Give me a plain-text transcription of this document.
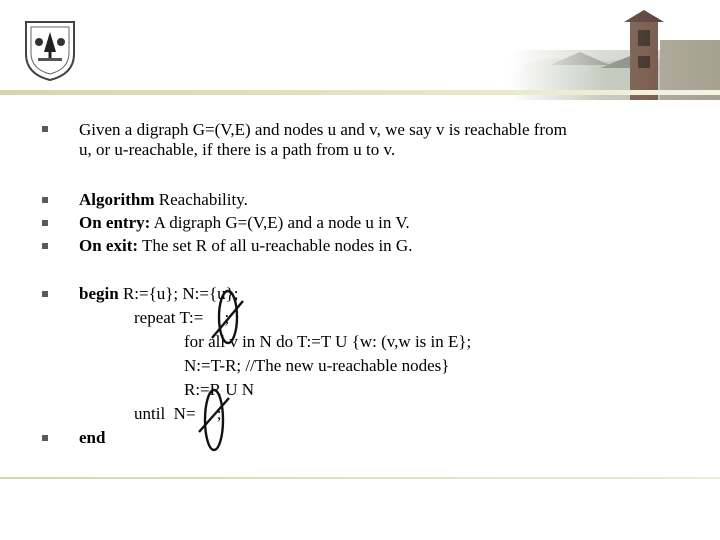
Given a digraph G=(V,E) and nodes u and v, we say v is reachable from
u, or u-reachable, if there is a path from u to v.
Algorithm Reachability.
On entry: A digraph G=(V,E) and a node u in V.
On exit: The set R of all u-reachable nodes in G.
begin R:={u}; N:={u};
repeat T:=     ;
for all v in N do T:=T U {w: (v,w is in E};
N:=T-R; //The new u-reachable nodes}
R:=R U N
until  N=     ;
end
